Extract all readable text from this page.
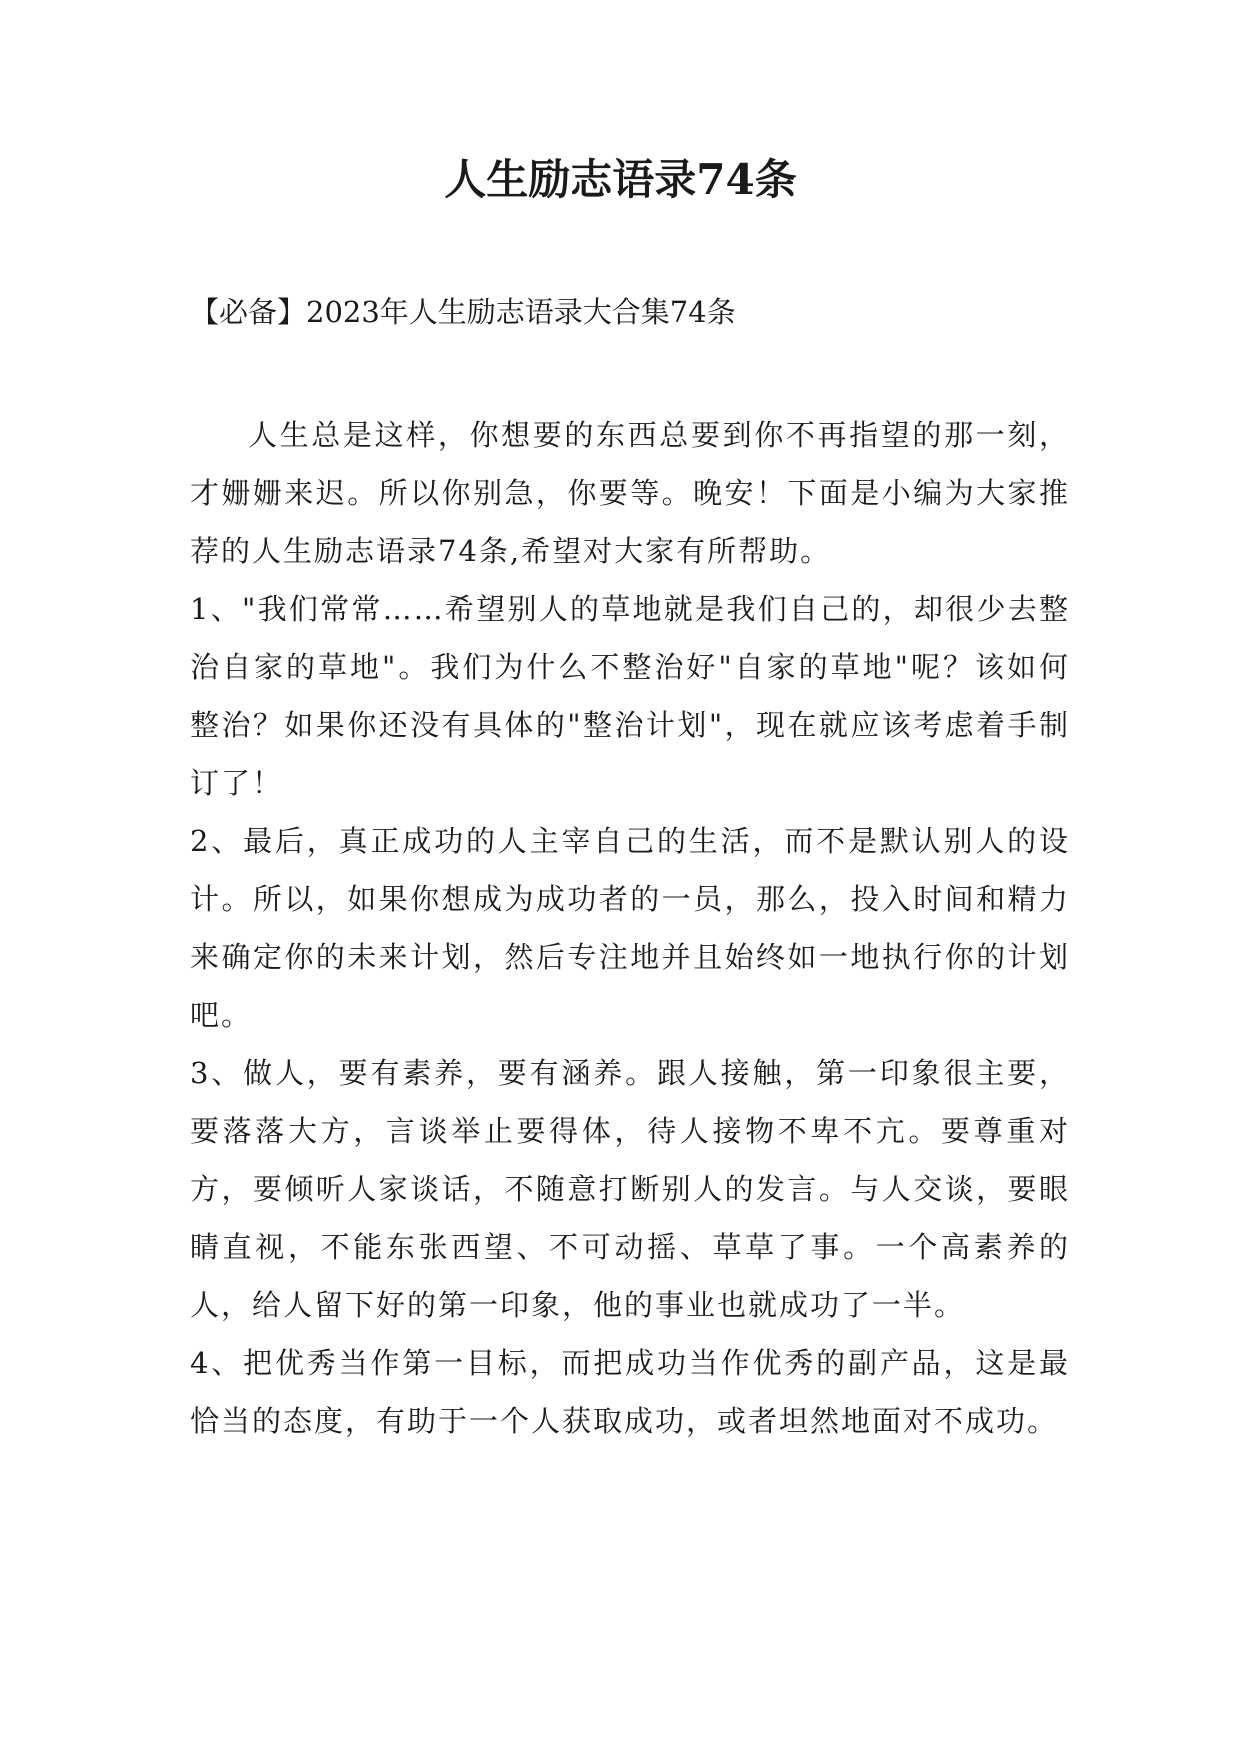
人生励志语录74条

【必备】2023年人生励志语录大合集74条

人生总是这样，你想要的东西总要到你不再指望的那一刻，才姗姗来迟。所以你别急，你要等。晚安！下面是小编为大家推荐的人生励志语录74条,希望对大家有所帮助。

1、"我们常常……希望别人的草地就是我们自己的，却很少去整治自家的草地"。我们为什么不整治好"自家的草地"呢？该如何整治？如果你还没有具体的"整治计划"，现在就应该考虑着手制订了！

2、最后，真正成功的人主宰自己的生活，而不是默认别人的设计。所以，如果你想成为成功者的一员，那么，投入时间和精力来确定你的未来计划，然后专注地并且始终如一地执行你的计划吧。

3、做人，要有素养，要有涵养。跟人接触，第一印象很主要，要落落大方，言谈举止要得体，待人接物不卑不亢。要尊重对方，要倾听人家谈话，不随意打断别人的发言。与人交谈，要眼睛直视，不能东张西望、不可动摇、草草了事。一个高素养的人，给人留下好的第一印象，他的事业也就成功了一半。

4、把优秀当作第一目标，而把成功当作优秀的副产品，这是最恰当的态度，有助于一个人获取成功，或者坦然地面对不成功。
